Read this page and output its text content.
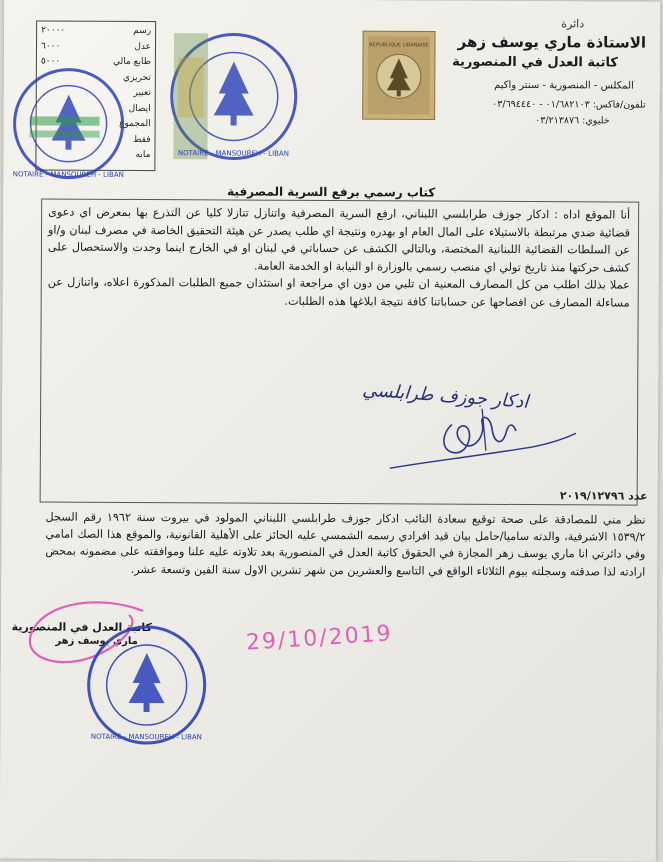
٢٠٠٠٠	رسم
٦٠٠٠	عدل
٥٠٠٠	طابع مالي
تحريري
تعبير
ايصال
المجموع
فقط
مابه
NOTAIRE - MANSOUREH - LIBAN
NOTAIRE - MANSOUREH - LIBAN
REPUBLIQUE LIBANAISE
دائرة
الاستاذة ماري يوسف زهر
كاتبة العدل في المنصورية
المكلس - المنصورية - سنتر واكيم
تلفون/فاكس: ٠١/٦٨٢١٠٣ - ٠٣/٦٩٤٤٤٠
خليوي: ٠٣/٢١٣٨٧٦
كتاب رسمي برفع السرية المصرفية

أنا الموقع اداه : ادكار جوزف طرابلسي اللبناني، ارفع السرية المصرفية واتنازل تنازلا كليا عن التذرع بها بمعرض اي دعوى قضائية ضدي مرتبطة بالاستيلاء على المال العام او بهدره ونتيجة اي طلب يصدر عن هيئة التحقيق الخاصة في مصرف لبنان و/او عن السلطات القضائية اللبنانية المختصة، وبالتالي الكشف عن حساباتي في لبنان او في الخارج اينما وجدت والاستحصال على كشف حركتها منذ تاريخ تولي اي منصب رسمي بالوزارة او النيابة او الخدمة العامة.

عملا بذلك اطلب من كل المصارف المعنية ان تلبي من دون اي مراجعة او استئذان جميع الطلبات المذكورة اعلاه، واتنازل عن مساءلة المصارف عن افصاحها عن حساباتنا كافة نتيجة ابلاغها هذه الطلبات.

ادكار جوزف طرابلسي
عدد ٢٠١٩/١٢٧٩٦

نظر مني للمصادقة على صحة توقيع سعادة النائب ادكار جوزف طرابلسي اللبناني المولود في بيروت سنة ١٩٦٢ رقم السجل ١٥٣٩/٢ الاشرفية، والدته ساميا/حامل بيان قيد افرادي رسمه الشمسي عليه الحائز على الأهلية القانونية، والموقع هذا الصك امامي وفي دائرتي انا ماري يوسف زهر المجازة في الحقوق كاتبة العدل في المنصورية بعد تلاوته عليه علنا وموافقته على مضمونه بمحض ارادته لذا صدقته وسجلته بيوم الثلاثاء الواقع في التاسع والعشرين من شهر تشرين الاول سنة الفين وتسعة عشر.

كاتبة العدل في المنصورية
ماري يوسف زهر
NOTAIRE - MANSOUREH - LIBAN
29/10/2019
